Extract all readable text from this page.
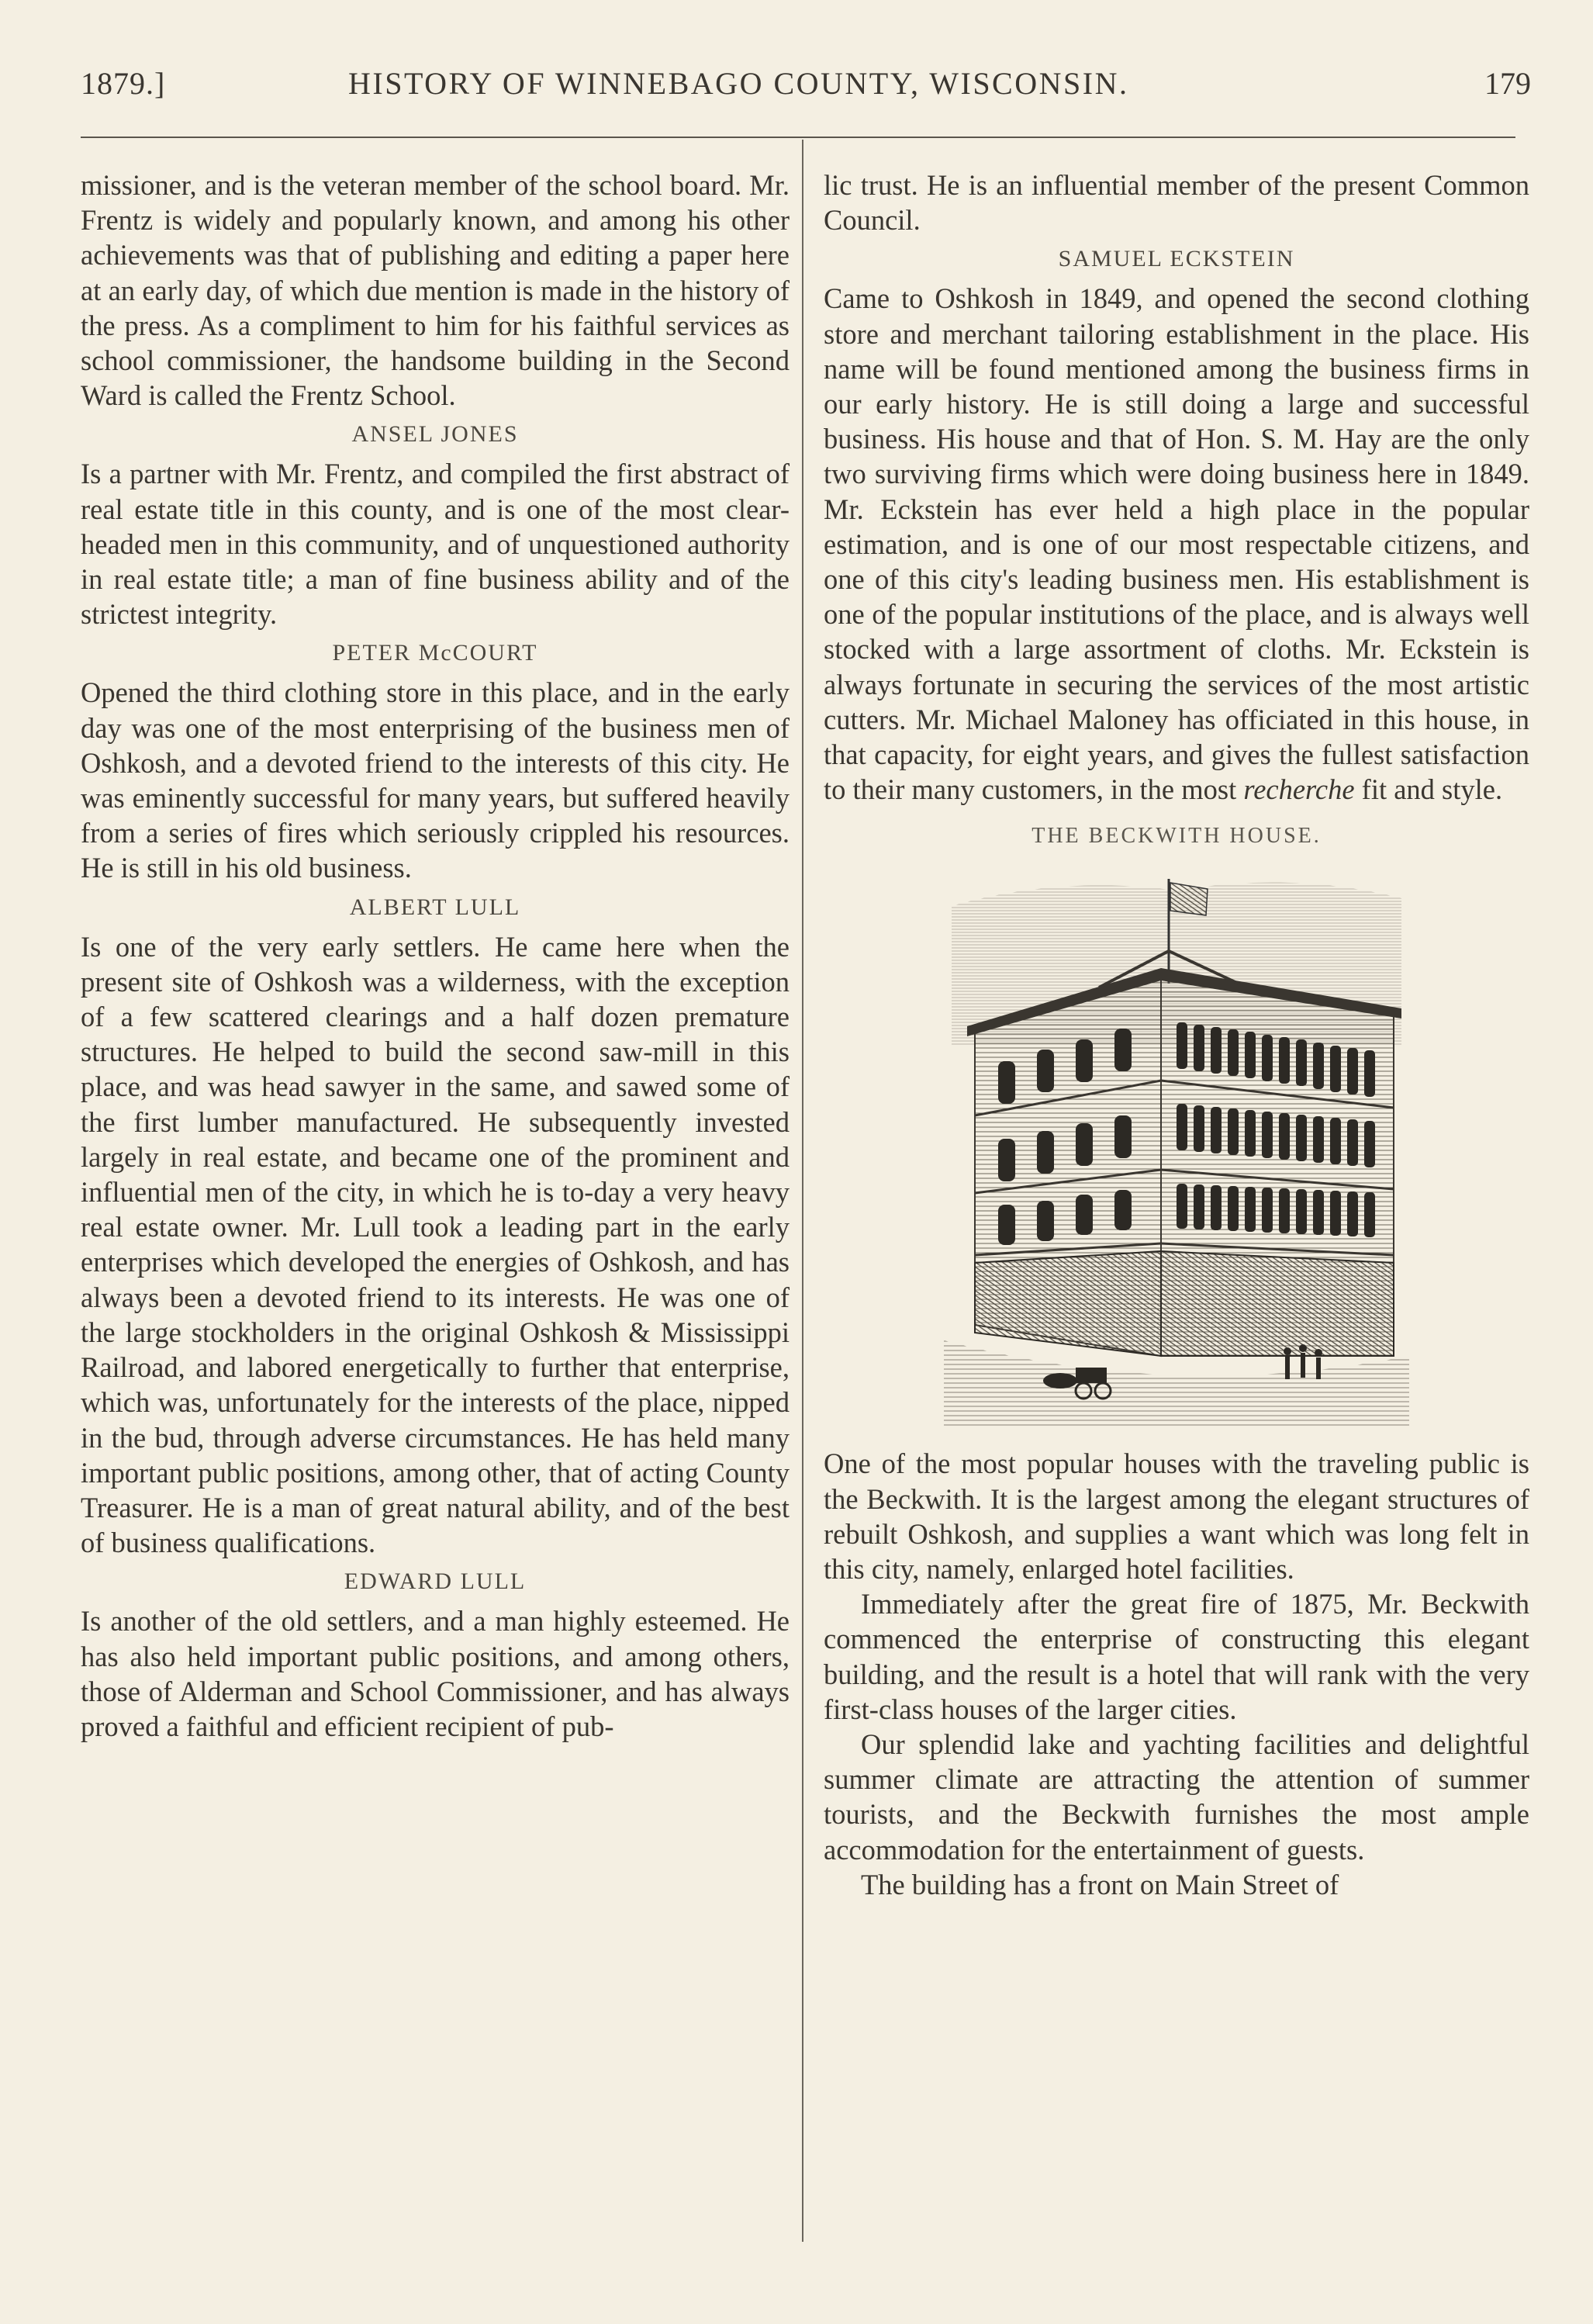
1879.]	HISTORY OF WINNEBAGO COUNTY, WISCONSIN.	179

missioner, and is the veteran member of the school board. Mr. Frentz is widely and popularly known, and among his other achievements was that of publishing and editing a paper here at an early day, of which due mention is made in the history of the press. As a compliment to him for his faithful services as school commissioner, the handsome building in the Second Ward is called the Frentz School.

ANSEL JONES

Is a partner with Mr. Frentz, and compiled the first abstract of real estate title in this county, and is one of the most clear-headed men in this community, and of unquestioned authority in real estate title; a man of fine business ability and of the strictest integrity.

PETER McCOURT

Opened the third clothing store in this place, and in the early day was one of the most enterprising of the business men of Oshkosh, and a devoted friend to the interests of this city. He was eminently successful for many years, but suffered heavily from a series of fires which seriously crippled his resources. He is still in his old business.

ALBERT LULL

Is one of the very early settlers. He came here when the present site of Oshkosh was a wilderness, with the exception of a few scattered clearings and a half dozen premature structures. He helped to build the second saw-mill in this place, and was head sawyer in the same, and sawed some of the first lumber manufactured. He subsequently invested largely in real estate, and became one of the prominent and influential men of the city, in which he is to-day a very heavy real estate owner. Mr. Lull took a leading part in the early enterprises which developed the energies of Oshkosh, and has always been a devoted friend to its interests. He was one of the large stockholders in the original Oshkosh & Mississippi Railroad, and labored energetically to further that enterprise, which was, unfortunately for the interests of the place, nipped in the bud, through adverse circumstances. He has held many important public positions, among other, that of acting County Treasurer. He is a man of great natural ability, and of the best of business qualifications.

EDWARD LULL

Is another of the old settlers, and a man highly esteemed. He has also held important public positions, and among others, those of Alderman and School Commissioner, and has always proved a faithful and efficient recipient of pub-

lic trust. He is an influential member of the present Common Council.

SAMUEL ECKSTEIN

Came to Oshkosh in 1849, and opened the second clothing store and merchant tailoring establishment in the place. His name will be found mentioned among the business firms in our early history. He is still doing a large and successful business. His house and that of Hon. S. M. Hay are the only two surviving firms which were doing business here in 1849. Mr. Eckstein has ever held a high place in the popular estimation, and is one of our most respectable citizens, and one of this city's leading business men. His establishment is one of the popular institutions of the place, and is always well stocked with a large assortment of cloths. Mr. Eckstein is always fortunate in securing the services of the most artistic cutters. Mr. Michael Maloney has officiated in this house, in that capacity, for eight years, and gives the fullest satisfaction to their many customers, in the most recherche fit and style.

THE BECKWITH HOUSE.

One of the most popular houses with the traveling public is the Beckwith. It is the largest among the elegant structures of rebuilt Oshkosh, and supplies a want which was long felt in this city, namely, enlarged hotel facilities.

Immediately after the great fire of 1875, Mr. Beckwith commenced the enterprise of constructing this elegant building, and the result is a hotel that will rank with the very first-class houses of the larger cities.

Our splendid lake and yachting facilities and delightful summer climate are attracting the attention of summer tourists, and the Beckwith furnishes the most ample accommodation for the entertainment of guests.

The building has a front on Main Street of
